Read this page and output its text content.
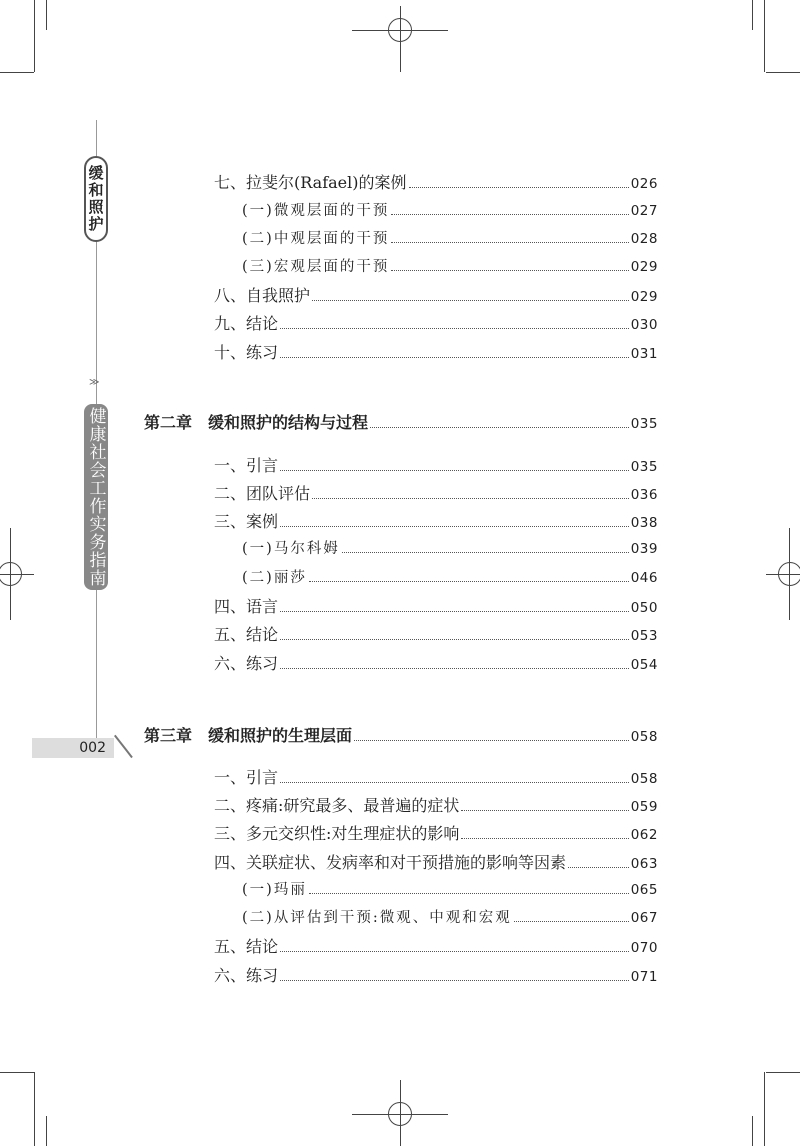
缓和照护
≫
健康社会工作实务指南
002
七、拉斐尔(Rafael)的案例	026
(一)微观层面的干预	027
(二)中观层面的干预	028
(三)宏观层面的干预	029
八、自我照护	029
九、结论	030
十、练习	031
第二章　缓和照护的结构与过程	035
一、引言	035
二、团队评估	036
三、案例	038
(一)马尔科姆	039
(二)丽莎	046
四、语言	050
五、结论	053
六、练习	054
第三章　缓和照护的生理层面	058
一、引言	058
二、疼痛:研究最多、最普遍的症状	059
三、多元交织性:对生理症状的影响	062
四、关联症状、发病率和对干预措施的影响等因素	063
(一)玛丽	065
(二)从评估到干预:微观、中观和宏观	067
五、结论	070
六、练习	071
